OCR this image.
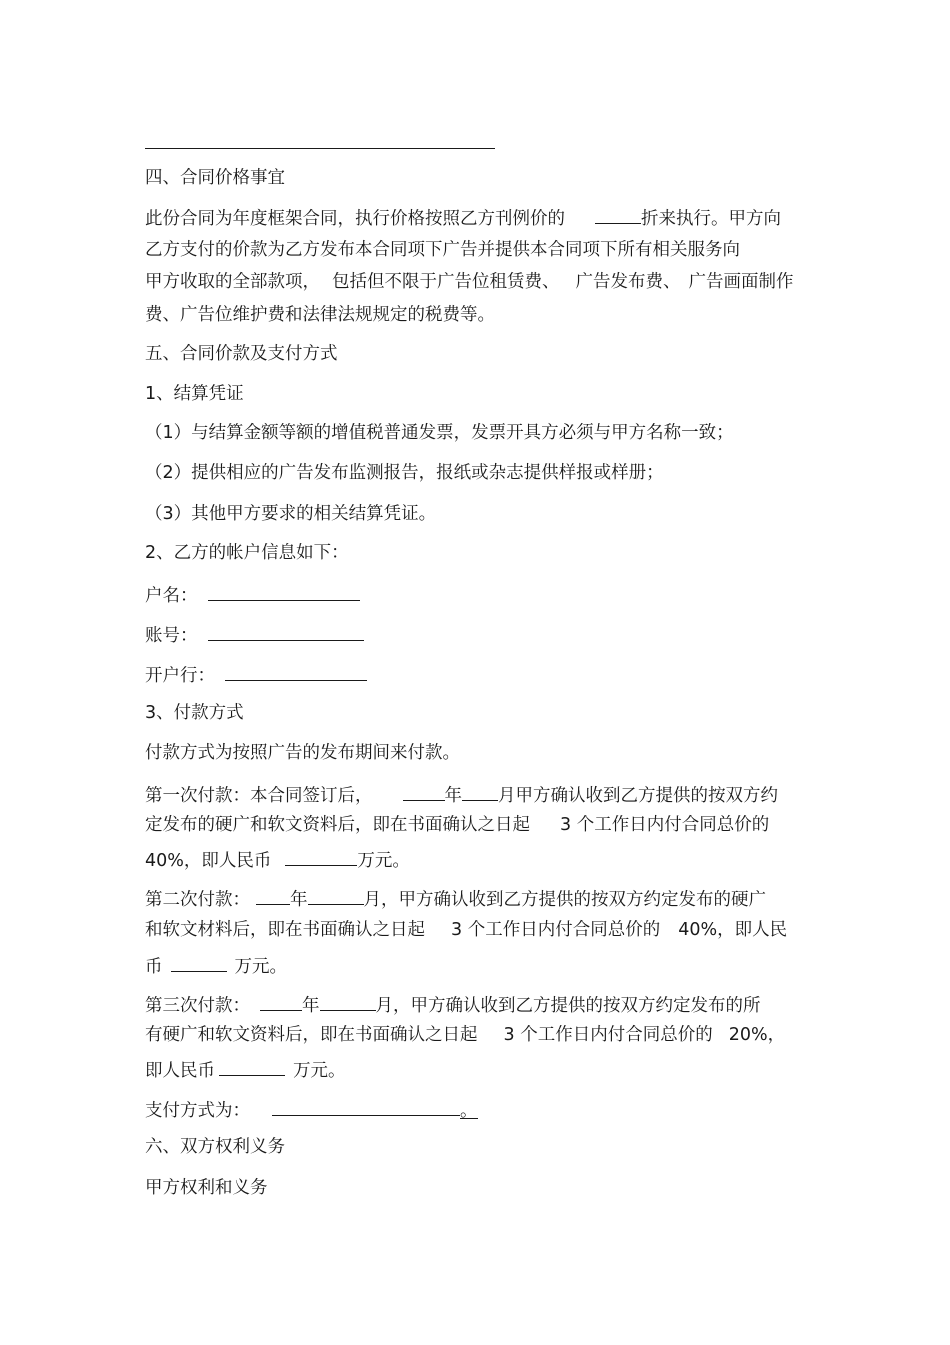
四、合同价格事宜
此份合同为年度框架合同，执行价格按照乙方刊例价的	折来执行。甲方向
乙方支付的价款为乙方发布本合同项下广告并提供本合同项下所有相关服务向
甲方收取的全部款项， 包括但不限于广告位租赁费、 广告发布费、 广告画面制作
费、广告位维护费和法律法规规定的税费等。
五、合同价款及支付方式
1、结算凭证
（1）与结算金额等额的增值税普通发票，发票开具方必须与甲方名称一致；
（2）提供相应的广告发布监测报告，报纸或杂志提供样报或样册；
（3）其他甲方要求的相关结算凭证。
2、乙方的帐户信息如下：
户名：
账号：
开户行：
3、付款方式
付款方式为按照广告的发布期间来付款。
第一次付款：本合同签订后，	年 月甲方确认收到乙方提供的按双方约
定发布的硬广和软文资料后，即在书面确认之日起 3 个工作日内付合同总价的
40%，即人民币	万元。
第二次付款： 年	月，甲方确认收到乙方提供的按双方约定发布的硬广
和软文材料后，即在书面确认之日起 3 个工作日内付合同总价的 40%，即人民
币	万元。
第三次付款：	年	月，甲方确认收到乙方提供的按双方约定发布的所
有硬广和软文资料后，即在书面确认之日起 3 个工作日内付合同总价的 20%，
即人民币	万元。
支付方式为：	。
六、双方权利义务
甲方权利和义务
